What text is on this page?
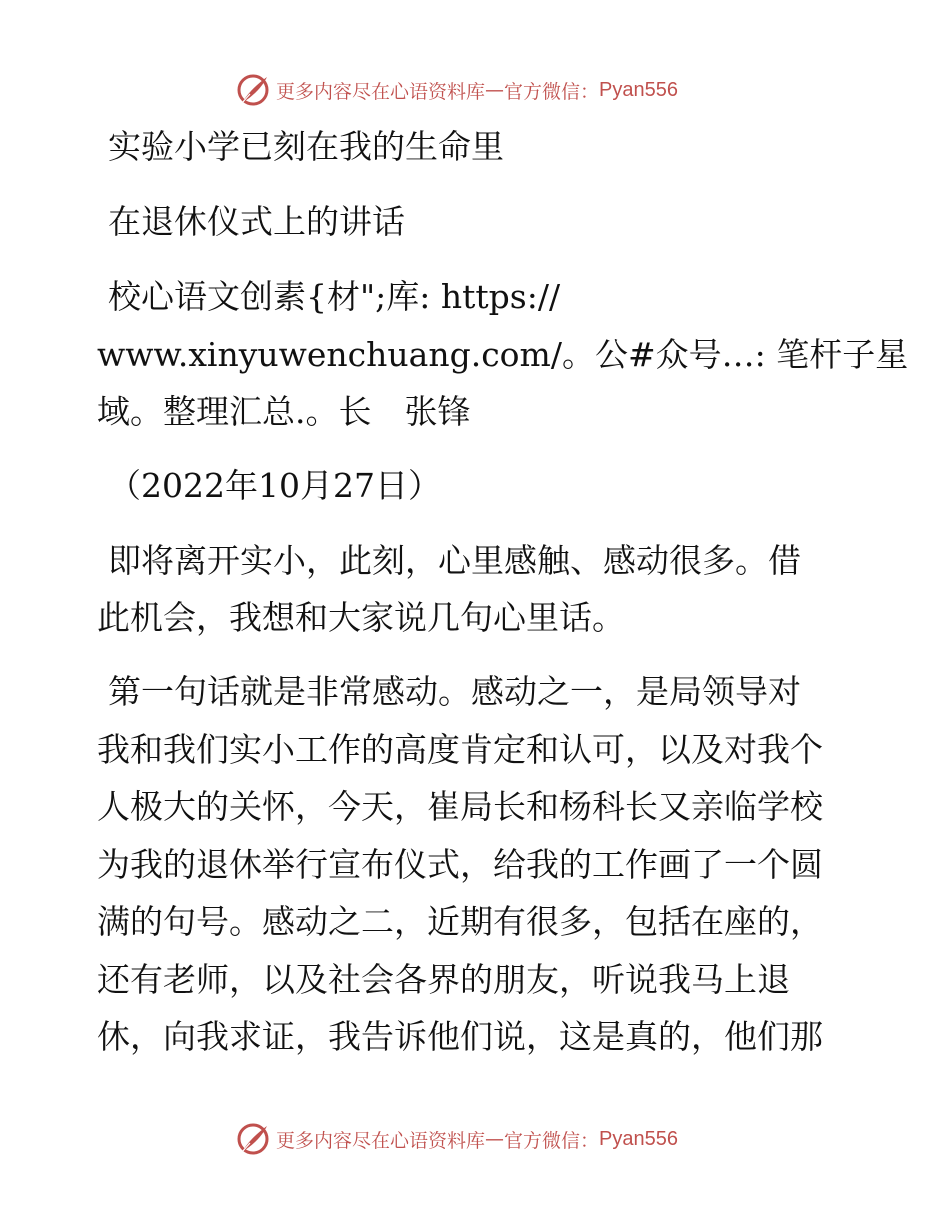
更多内容尽在心语资料库 — 官方微信： Pyan556
实验小学已刻在我的生命里
在退休仪式上的讲话
校心语文创素{材";库: https://
www.xinyuwenchuang.com/。公#众号…: 笔杆子星
域。整理汇总.。长　张锋
（2022年10月27日）
即将离开实小，此刻，心里感触、感动很多。借
此机会，我想和大家说几句心里话。
第一句话就是非常感动。感动之一，是局领导对
我和我们实小工作的高度肯定和认可，以及对我个
人极大的关怀，今天，崔局长和杨科长又亲临学校
为我的退休举行宣布仪式，给我的工作画了一个圆
满的句号。感动之二，近期有很多，包括在座的，
还有老师，以及社会各界的朋友，听说我马上退
休，向我求证，我告诉他们说，这是真的，他们那
更多内容尽在心语资料库 — 官方微信： Pyan556
